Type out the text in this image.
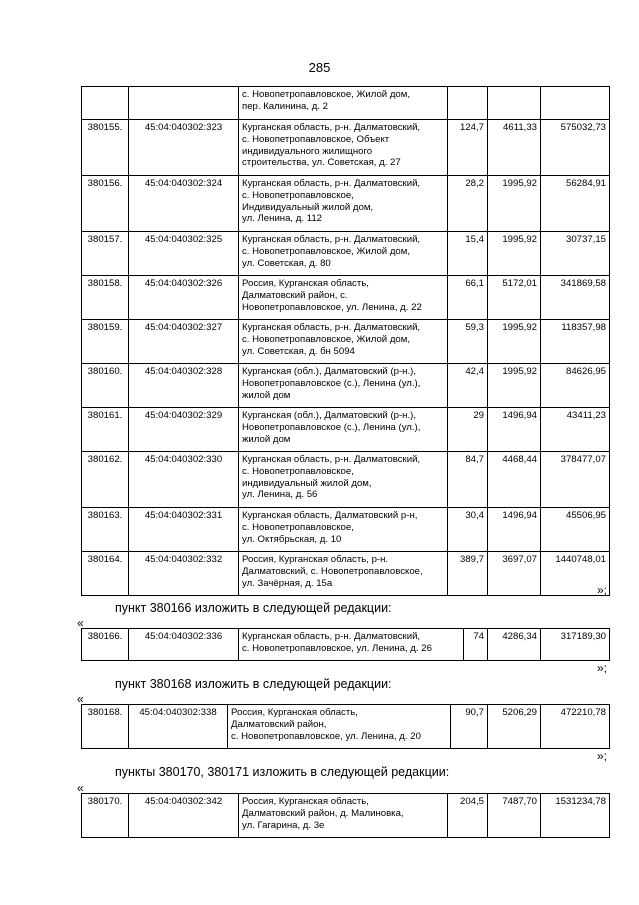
285
		с. Новопетропавловское, Жилой дом,
пер. Калинина, д. 2			
380155.	45:04:040302:323	Курганская область, р-н. Далматовский,
с. Новопетропавловское, Объект
индивидуального жилищного
строительства, ул. Советская, д. 27	124,7	4611,33	575032,73
380156.	45:04:040302:324	Курганская область, р-н. Далматовский,
с. Новопетропавловское,
Индивидуальный жилой дом,
ул. Ленина, д. 112	28,2	1995,92	56284,91
380157.	45:04:040302:325	Курганская область, р-н. Далматовский,
с. Новопетропавловское, Жилой дом,
ул. Советская, д. 80	15,4	1995,92	30737,15
380158.	45:04:040302:326	Россия, Курганская область,
Далматовский район, с.
Новопетропавловское, ул. Ленина, д. 22	66,1	5172,01	341869,58
380159.	45:04:040302:327	Курганская область, р-н. Далматовский,
с. Новопетропавловское, Жилой дом,
ул. Советская, д. бн 5094	59,3	1995,92	118357,98
380160.	45:04:040302:328	Курганская (обл.), Далматовский (р-н.),
Новопетропавловское (с.), Ленина (ул.),
жилой дом	42,4	1995,92	84626,95
380161.	45:04:040302:329	Курганская (обл.), Далматовский (р-н.),
Новопетропавловское (с.), Ленина (ул.),
жилой дом	29	1496,94	43411,23
380162.	45:04:040302:330	Курганская область, р-н. Далматовский,
с. Новопетропавловское,
индивидуальный жилой дом,
ул. Ленина, д. 56	84,7	4468,44	378477,07
380163.	45:04:040302:331	Курганская область, Далматовский р-н,
с. Новопетропавловское,
ул. Октябрьская, д. 10	30,4	1496,94	45506,95
380164.	45:04:040302:332	Россия, Курганская область, р-н.
Далматовский, с. Новопетропавловское,
ул. Зачёрная, д. 15а	389,7	3697,07	1440748,01
»;
пункт 380166 изложить в следующей редакции:
«
380166.	45:04:040302:336	Курганская область, р-н. Далматовский,
с. Новопетропавловское, ул. Ленина, д. 26	74	4286,34	317189,30
»;
пункт 380168 изложить в следующей редакции:
«
380168.	45:04:040302:338	Россия, Курганская область,
Далматовский район,
с. Новопетропавловское, ул. Ленина, д. 20	90,7	5206,29	472210,78
»;
пункты 380170, 380171 изложить в следующей редакции:
«
380170.	45:04:040302:342	Россия, Курганская область,
Далматовский район, д. Малиновка,
ул. Гагарина, д. 3е	204,5	7487,70	1531234,78
